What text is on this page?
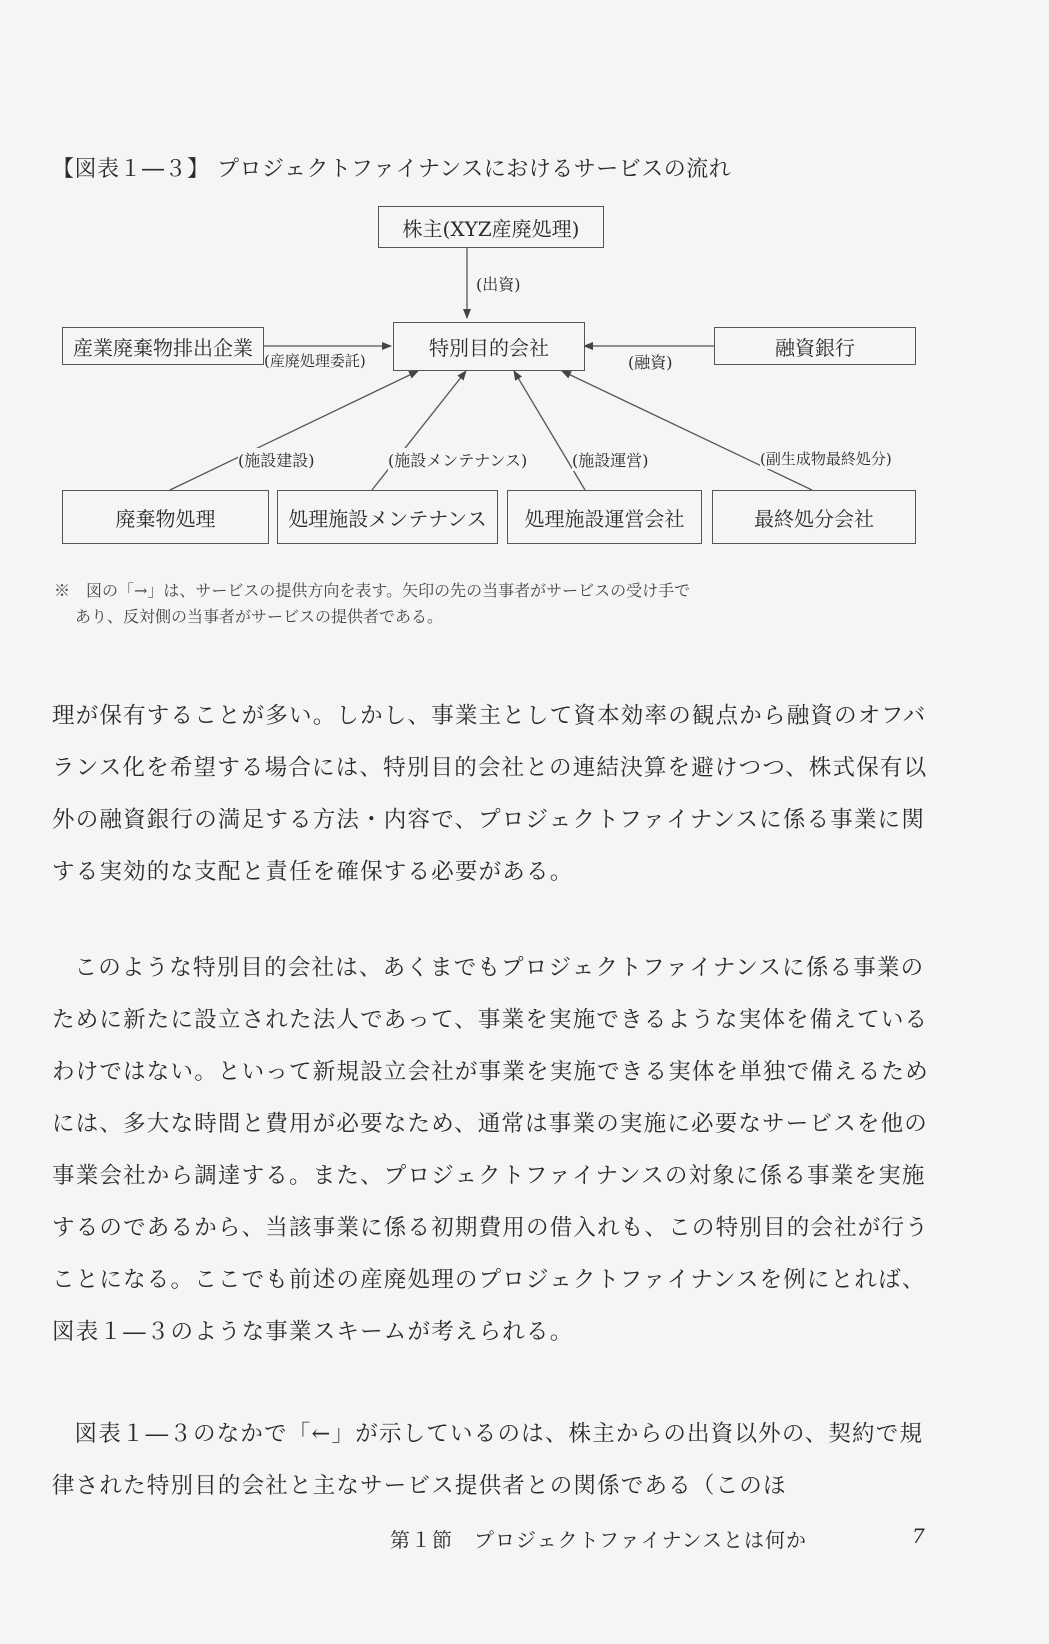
【図表１―３】 プロジェクトファイナンスにおけるサービスの流れ
株主(XYZ産廃処理)
特別目的会社
産業廃棄物排出企業	融資銀行
廃棄物処理	処理施設メンテナンス 処理施設運営会社	最終処分会社
(出資)
(産廃処理委託)	(融資)
(施設建設)	(施設メンテナンス)	(施設運営)	(副生成物最終処分)
※　図の「→」は、サービスの提供方向を表す。矢印の先の当事者がサービスの受け手で
あり、反対側の当事者がサービスの提供者である。

理が保有することが多い。しかし、事業主として資本効率の観点から融資のオフバランス化を希望する場合には、特別目的会社との連結決算を避けつつ、株式保有以外の融資銀行の満足する方法・内容で、プロジェクトファイナンスに係る事業に関する実効的な支配と責任を確保する必要がある。

このような特別目的会社は、あくまでもプロジェクトファイナンスに係る事業のために新たに設立された法人であって、事業を実施できるような実体を備えているわけではない。といって新規設立会社が事業を実施できる実体を単独で備えるためには、多大な時間と費用が必要なため、通常は事業の実施に必要なサービスを他の事業会社から調達する。また、プロジェクトファイナンスの対象に係る事業を実施するのであるから、当該事業に係る初期費用の借入れも、この特別目的会社が行うことになる。ここでも前述の産廃処理のプロジェクトファイナンスを例にとれば、図表１―３のような事業スキームが考えられる。

図表１―３のなかで「←」が示しているのは、株主からの出資以外の、契約で規律された特別目的会社と主なサービス提供者との関係である（このほ

第１節　プロジェクトファイナンスとは何か	7
